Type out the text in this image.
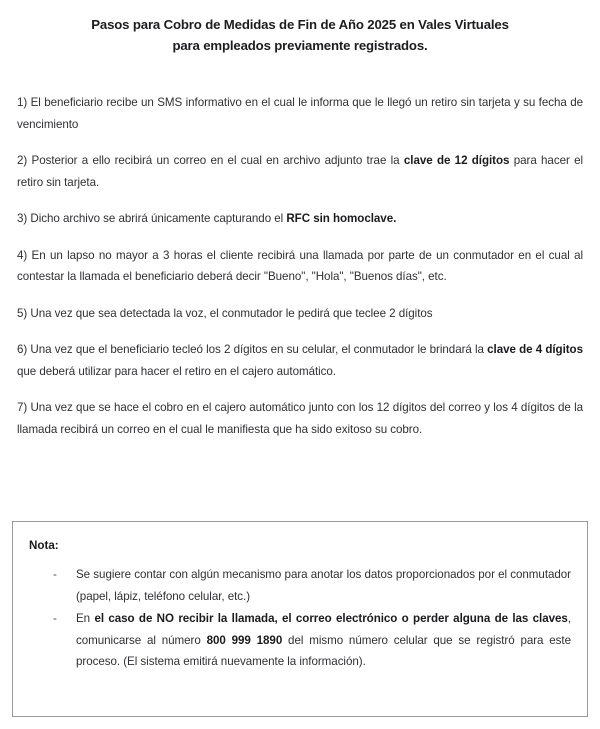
Pasos para Cobro de Medidas de Fin de Año 2025 en Vales Virtuales
para empleados previamente registrados.

1) El beneficiario recibe un SMS informativo en el cual le informa que le llegó un retiro sin tarjeta y su fecha de vencimiento

2) Posterior a ello recibirá un correo en el cual en archivo adjunto trae la clave de 12 dígitos para hacer el retiro sin tarjeta.

3) Dicho archivo se abrirá únicamente capturando el RFC sin homoclave.

4) En un lapso no mayor a 3 horas el cliente recibirá una llamada por parte de un conmutador en el cual al contestar la llamada el beneficiario deberá decir "Bueno", "Hola", "Buenos días", etc.

5) Una vez que sea detectada la voz, el conmutador le pedirá que teclee 2 dígitos

6) Una vez que el beneficiario tecleó los 2 dígitos en su celular, el conmutador le brindará la clave de 4 dígitos que deberá utilizar para hacer el retiro en el cajero automático.

7) Una vez que se hace el cobro en el cajero automático junto con los 12 dígitos del correo y los 4 dígitos de la llamada recibirá un correo en el cual le manifiesta que ha sido exitoso su cobro.

Nota:

- Se sugiere contar con algún mecanismo para anotar los datos proporcionados por el conmutador (papel, lápiz, teléfono celular, etc.)
- En el caso de NO recibir la llamada, el correo electrónico o perder alguna de las claves, comunicarse al número 800 999 1890 del mismo número celular que se registró para este proceso. (El sistema emitirá nuevamente la información).
